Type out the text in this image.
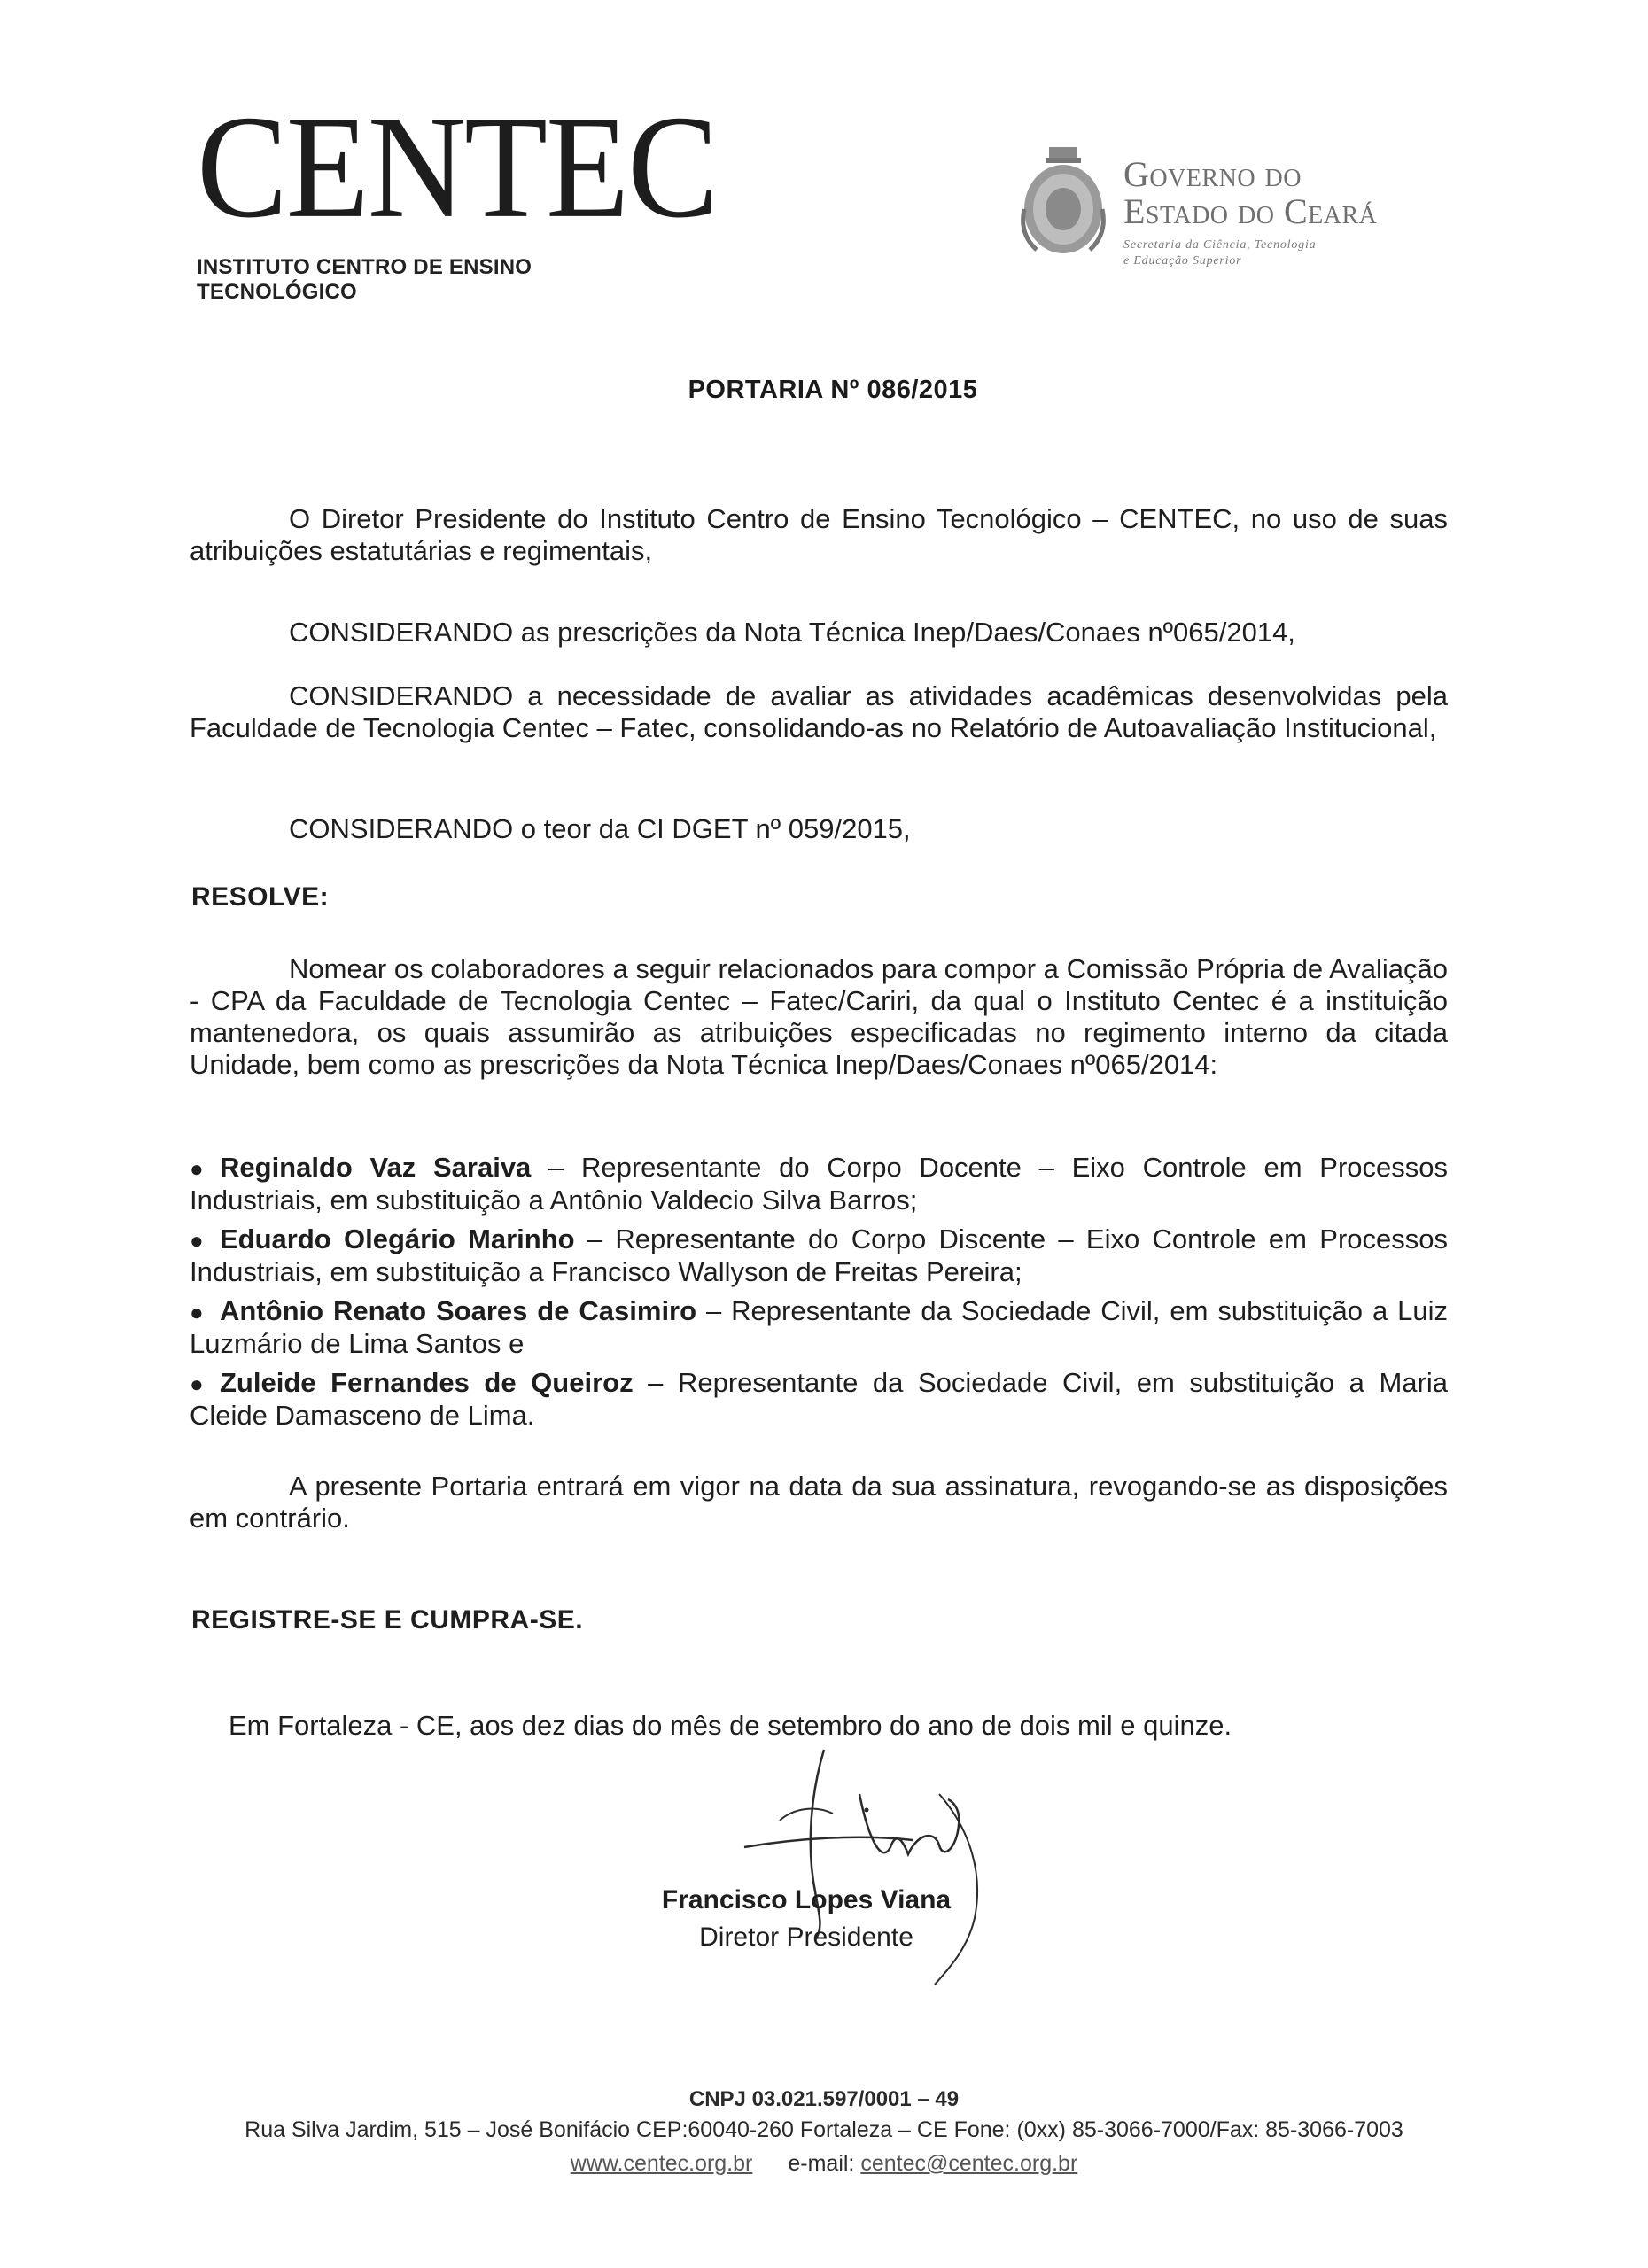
CENTEC
INSTITUTO CENTRO DE ENSINO TECNOLÓGICO
Governo do
Estado do Ceará
Secretaria da Ciência, Tecnologia
e Educação Superior
PORTARIA Nº 086/2015

O Diretor Presidente do Instituto Centro de Ensino Tecnológico – CENTEC, no uso de suas atribuições estatutárias e regimentais,

CONSIDERANDO as prescrições da Nota Técnica Inep/Daes/Conaes nº065/2014,

CONSIDERANDO a necessidade de avaliar as atividades acadêmicas desenvolvidas pela Faculdade de Tecnologia Centec – Fatec, consolidando-as no Relatório de Autoavaliação Institucional,

CONSIDERANDO o teor da CI DGET nº 059/2015,

RESOLVE:

Nomear os colaboradores a seguir relacionados para compor a Comissão Própria de Avaliação - CPA da Faculdade de Tecnologia Centec – Fatec/Cariri, da qual o Instituto Centec é a instituição mantenedora, os quais assumirão as atribuições especificadas no regimento interno da citada Unidade, bem como as prescrições da Nota Técnica Inep/Daes/Conaes nº065/2014:

● Reginaldo Vaz Saraiva – Representante do Corpo Docente – Eixo Controle em Processos Industriais, em substituição a Antônio Valdecio Silva Barros;
● Eduardo Olegário Marinho – Representante do Corpo Discente – Eixo Controle em Processos Industriais, em substituição a Francisco Wallyson de Freitas Pereira;
● Antônio Renato Soares de Casimiro – Representante da Sociedade Civil, em substituição a Luiz Luzmário de Lima Santos e
● Zuleide Fernandes de Queiroz – Representante da Sociedade Civil, em substituição a Maria Cleide Damasceno de Lima.

A presente Portaria entrará em vigor na data da sua assinatura, revogando-se as disposições em contrário.

REGISTRE-SE E CUMPRA-SE.

Em Fortaleza - CE, aos dez dias do mês de setembro do ano de dois mil e quinze.

Francisco Lopes Viana
Diretor Presidente
CNPJ 03.021.597/0001 – 49
Rua Silva Jardim, 515 – José Bonifácio CEP:60040-260 Fortaleza – CE Fone: (0xx) 85-3066-7000/Fax: 85-3066-7003
www.centec.org.br e-mail: centec@centec.org.br
